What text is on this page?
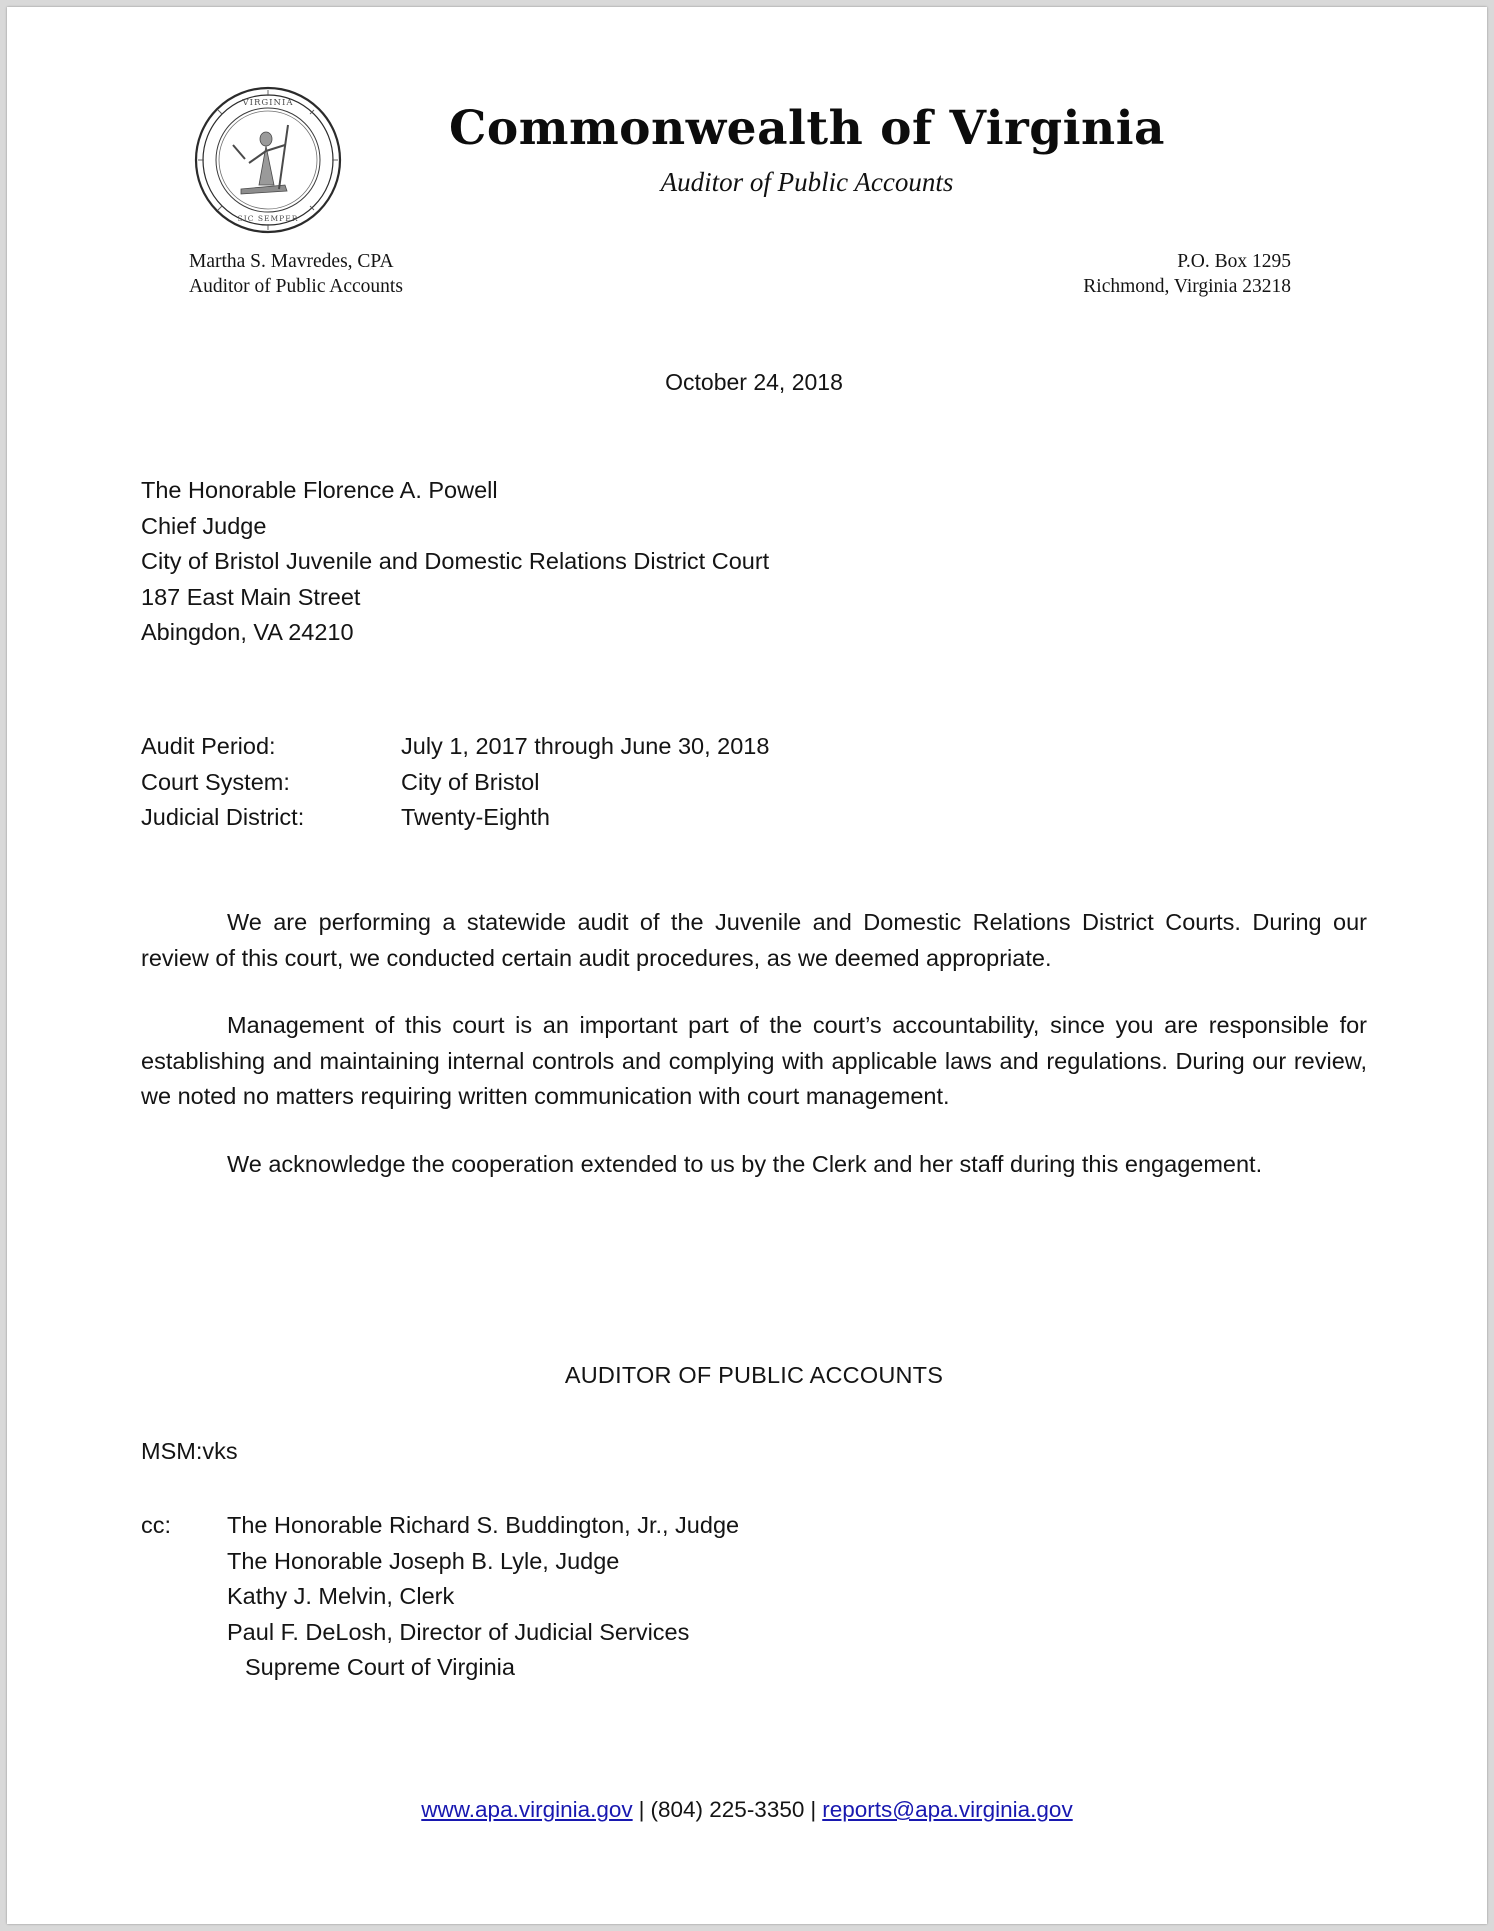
VIRGINIA
SIC SEMPER
Commonwealth of Virginia
Auditor of Public Accounts
Martha S. Mavredes, CPA
Auditor of Public Accounts
P.O. Box 1295
Richmond, Virginia 23218
October 24, 2018
The Honorable Florence A. Powell
Chief Judge
City of Bristol Juvenile and Domestic Relations District Court
187 East Main Street
Abingdon, VA 24210
Audit Period:	July 1, 2017 through June 30, 2018
Court System:	City of Bristol
Judicial District:	Twenty-Eighth

We are performing a statewide audit of the Juvenile and Domestic Relations District Courts. During our review of this court, we conducted certain audit procedures, as we deemed appropriate.

Management of this court is an important part of the court’s accountability, since you are responsible for establishing and maintaining internal controls and complying with applicable laws and regulations. During our review, we noted no matters requiring written communication with court management.

We acknowledge the cooperation extended to us by the Clerk and her staff during this engagement.

AUDITOR OF PUBLIC ACCOUNTS
MSM:vks
cc: The Honorable Richard S. Buddington, Jr., Judge
The Honorable Joseph B. Lyle, Judge
Kathy J. Melvin, Clerk
Paul F. DeLosh, Director of Judicial Services
Supreme Court of Virginia
www.apa.virginia.gov | (804) 225-3350 | reports@apa.virginia.gov
